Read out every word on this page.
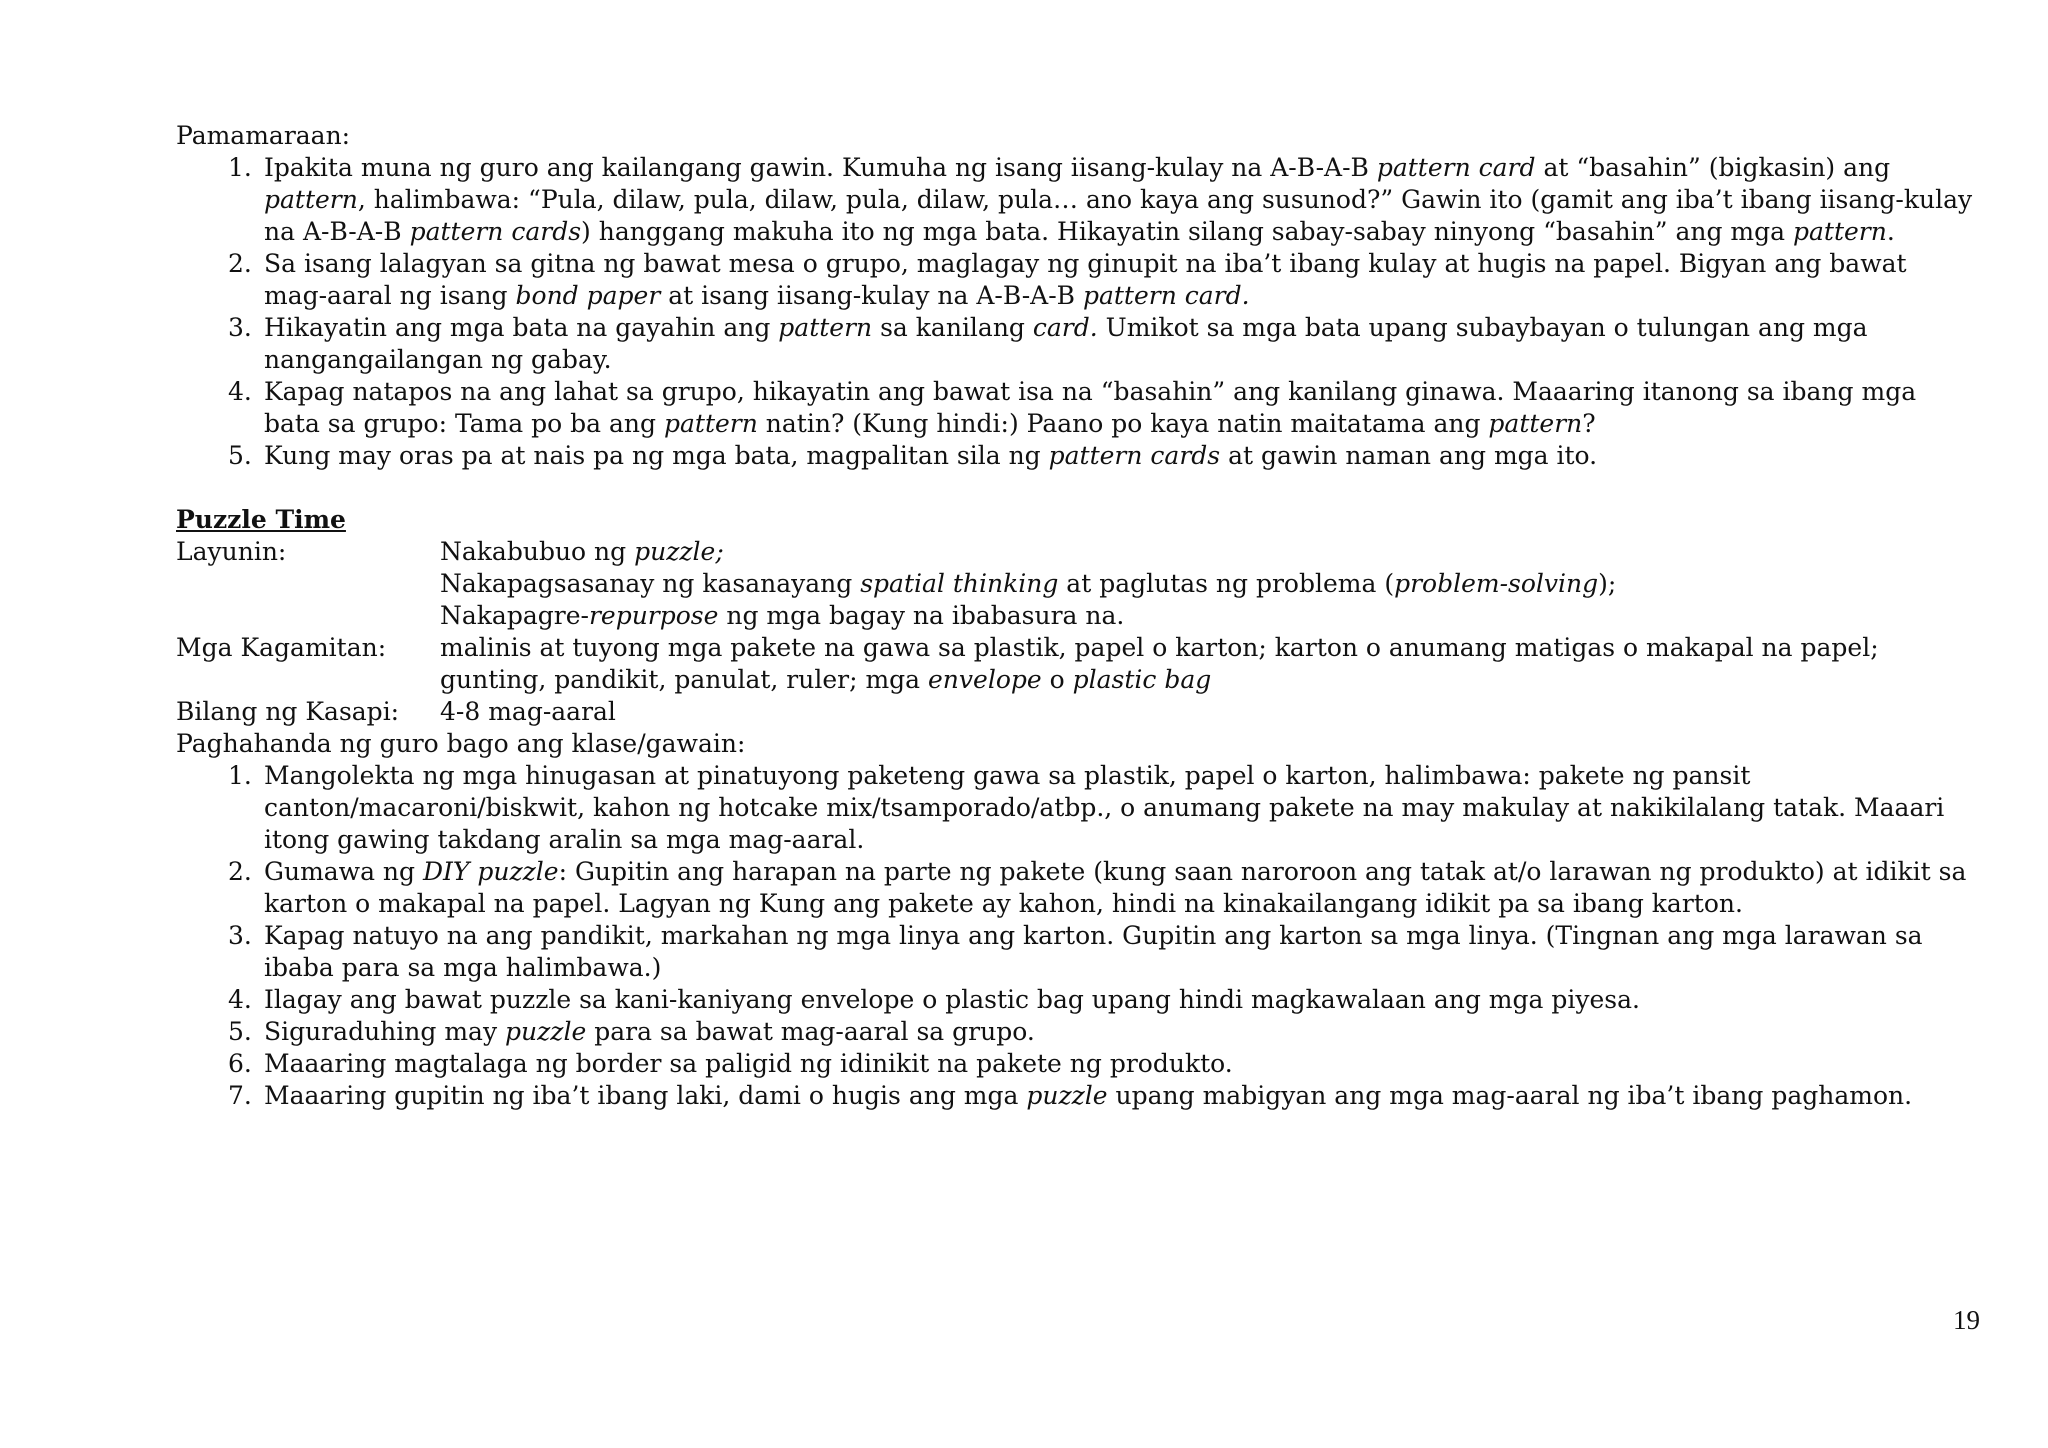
Pamamaraan:

1. Ipakita muna ng guro ang kailangang gawin. Kumuha ng isang iisang-kulay na A-B-A-B pattern card at “basahin” (bigkasin) ang pattern, halimbawa: “Pula, dilaw, pula, dilaw, pula, dilaw, pula… ano kaya ang susunod?” Gawin ito (gamit ang iba’t ibang iisang-kulay na A-B-A-B pattern cards) hanggang makuha ito ng mga bata. Hikayatin silang sabay-sabay ninyong “basahin” ang mga pattern.
2. Sa isang lalagyan sa gitna ng bawat mesa o grupo, maglagay ng ginupit na iba’t ibang kulay at hugis na papel. Bigyan ang bawat mag-aaral ng isang bond paper at isang iisang-kulay na A-B-A-B pattern card.
3. Hikayatin ang mga bata na gayahin ang pattern sa kanilang card. Umikot sa mga bata upang subaybayan o tulungan ang mga nangangailangan ng gabay.
4. Kapag natapos na ang lahat sa grupo, hikayatin ang bawat isa na “basahin” ang kanilang ginawa. Maaaring itanong sa ibang mga bata sa grupo: Tama po ba ang pattern natin? (Kung hindi:) Paano po kaya natin maitatama ang pattern?
5. Kung may oras pa at nais pa ng mga bata, magpalitan sila ng pattern cards at gawin naman ang mga ito.

Puzzle Time

Layunin:	Nakabubuo ng puzzle;
Nakapagsasanay ng kasanayang spatial thinking at paglutas ng problema (problem-solving);
Nakapagre-repurpose ng mga bagay na ibabasura na.
Mga Kagamitan:	malinis at tuyong mga pakete na gawa sa plastik, papel o karton; karton o anumang matigas o makapal na papel; gunting, pandikit, panulat, ruler; mga envelope o plastic bag
Bilang ng Kasapi:	4-8 mag-aaral

Paghahanda ng guro bago ang klase/gawain:

1. Mangolekta ng mga hinugasan at pinatuyong paketeng gawa sa plastik, papel o karton, halimbawa: pakete ng pansit canton/macaroni/biskwit, kahon ng hotcake mix/tsamporado/atbp., o anumang pakete na may makulay at nakikilalang tatak. Maaari itong gawing takdang aralin sa mga mag-aaral.
2. Gumawa ng DIY puzzle: Gupitin ang harapan na parte ng pakete (kung saan naroroon ang tatak at/o larawan ng produkto) at idikit sa karton o makapal na papel. Lagyan ng Kung ang pakete ay kahon, hindi na kinakailangang idikit pa sa ibang karton.
3. Kapag natuyo na ang pandikit, markahan ng mga linya ang karton. Gupitin ang karton sa mga linya. (Tingnan ang mga larawan sa ibaba para sa mga halimbawa.)
4. Ilagay ang bawat puzzle sa kani-kaniyang envelope o plastic bag upang hindi magkawalaan ang mga piyesa.
5. Siguraduhing may puzzle para sa bawat mag-aaral sa grupo.
6. Maaaring magtalaga ng border sa paligid ng idinikit na pakete ng produkto.
7. Maaaring gupitin ng iba’t ibang laki, dami o hugis ang mga puzzle upang mabigyan ang mga mag-aaral ng iba’t ibang paghamon.
19
